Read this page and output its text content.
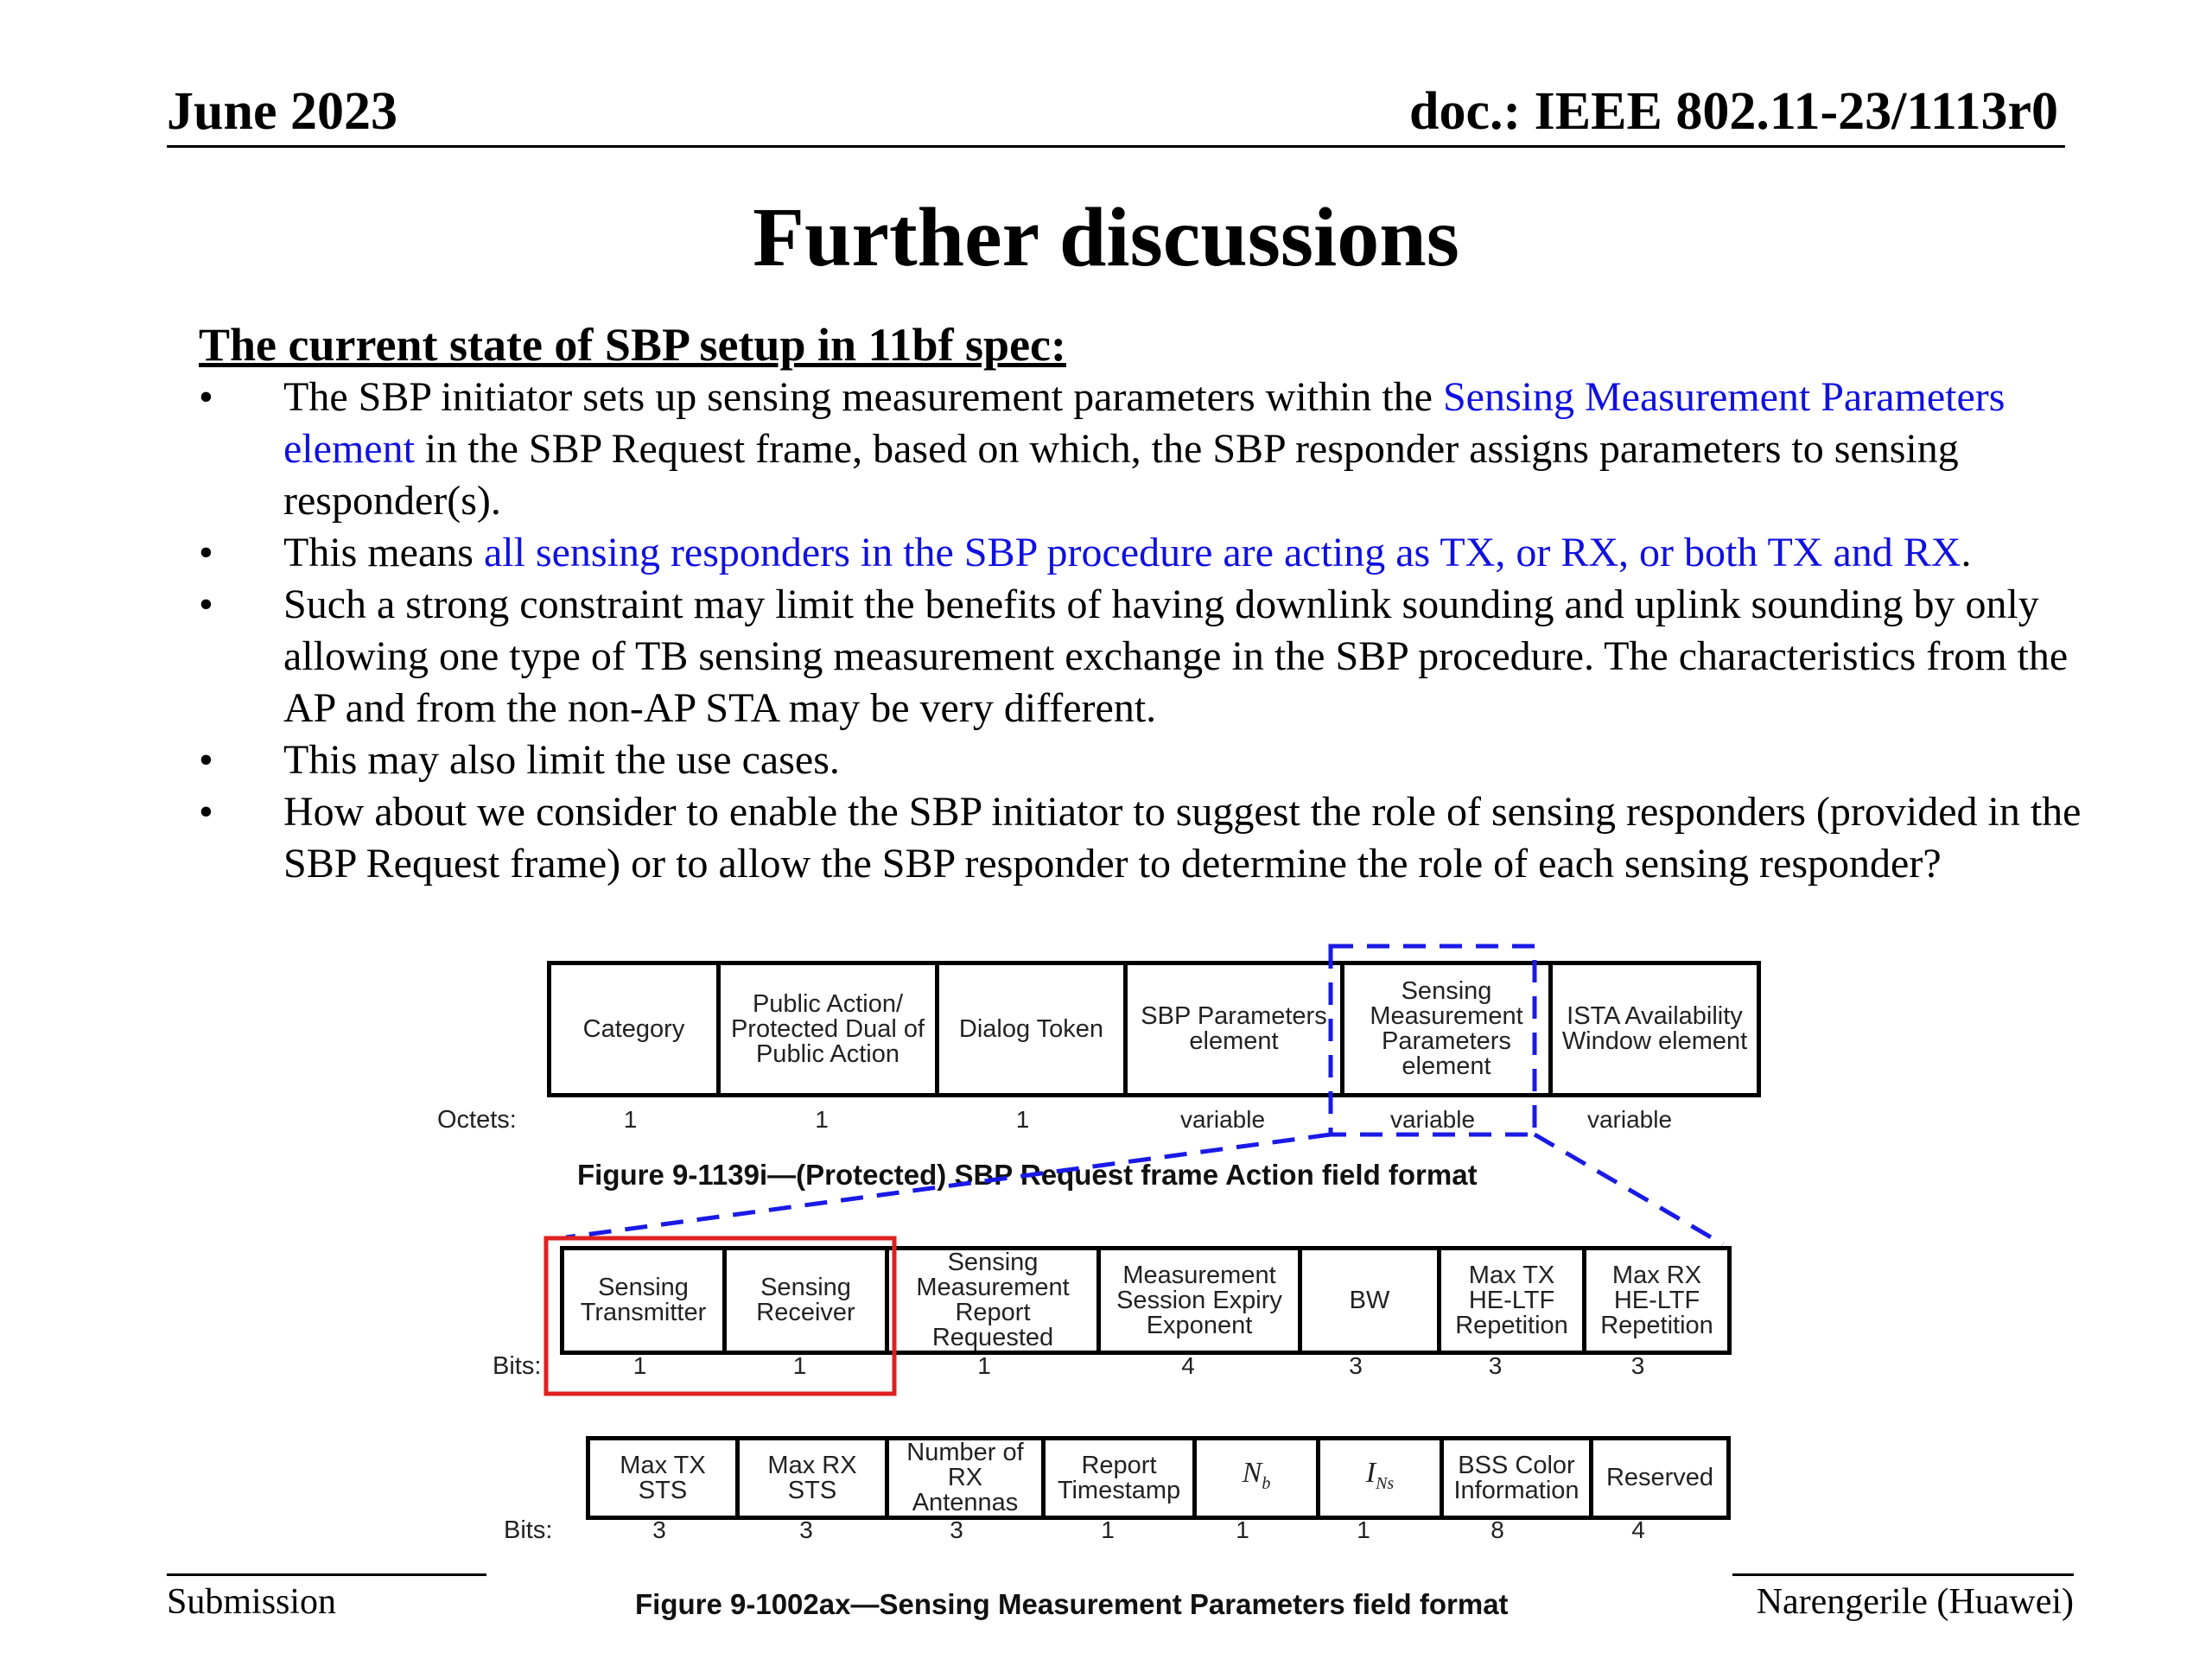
June 2023	doc.: IEEE 802.11-23/1113r0
Further discussions
The current state of SBP setup in 11bf spec:
• The SBP initiator sets up sensing measurement parameters within the Sensing Measurement Parameters element in the SBP Request frame, based on which, the SBP responder assigns parameters to sensing responder(s).
• This means all sensing responders in the SBP procedure are acting as TX, or RX, or both TX and RX.
• Such a strong constraint may limit the benefits of having downlink sounding and uplink sounding by only allowing one type of TB sensing measurement exchange in the SBP procedure. The characteristics from the AP and from the non-AP STA may be very different.
• This may also limit the use cases.
• How about we consider to enable the SBP initiator to suggest the role of sensing responders (provided in the SBP Request frame) or to allow the SBP responder to determine the role of each sensing responder?
Category	Public Action/ Protected Dual of Public Action	Dialog Token	SBP Parameters element	Sensing Measurement Parameters element	ISTA Availability Window element
Octets:	1	1	1	variable	variable	variable
Figure 9-1139i—(Protected) SBP Request frame Action field format
Sensing Transmitter	Sensing Receiver	Sensing Measurement Report Requested	Measurement Session Expiry Exponent	BW	Max TX HE-LTF Repetition	Max RX HE-LTF Repetition
Bits:	1	1	1	4	3	3	3
Max TX STS	Max RX STS	Number of RX Antennas	Report Timestamp	$N_b$	$I_{Ns}$	BSS Color Information	Reserved
Bits:	3	3	3	1	1	1	8	4
Figure 9-1002ax—Sensing Measurement Parameters field format
Submission	Narengerile (Huawei)
